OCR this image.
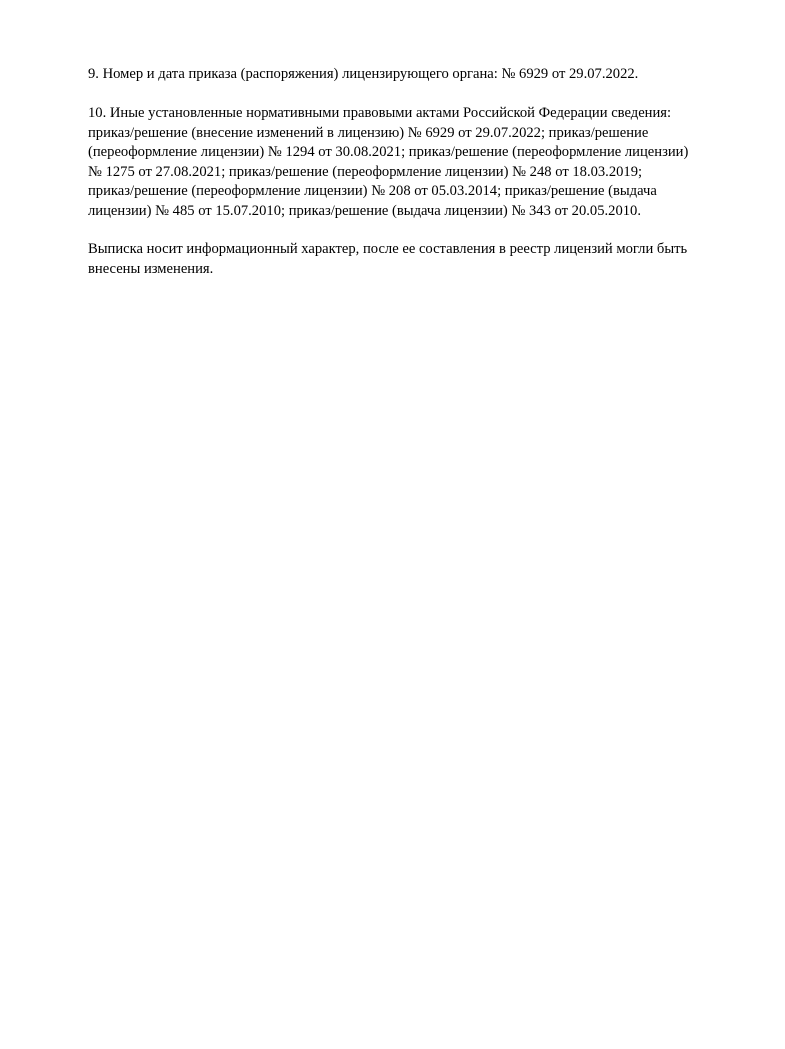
9. Номер и дата приказа (распоряжения) лицензирующего органа: № 6929 от 29.07.2022.

10. Иные установленные нормативными правовыми актами Российской Федерации сведения:
приказ/решение (внесение изменений в лицензию) № 6929 от 29.07.2022; приказ/решение
(переоформление лицензии) № 1294 от 30.08.2021; приказ/решение (переоформление лицензии)
№ 1275 от 27.08.2021; приказ/решение (переоформление лицензии) № 248 от 18.03.2019;
приказ/решение (переоформление лицензии) № 208 от 05.03.2014; приказ/решение (выдача
лицензии) № 485 от 15.07.2010; приказ/решение (выдача лицензии) № 343 от 20.05.2010.

Выписка носит информационный характер, после ее составления в реестр лицензий могли быть
внесены изменения.
